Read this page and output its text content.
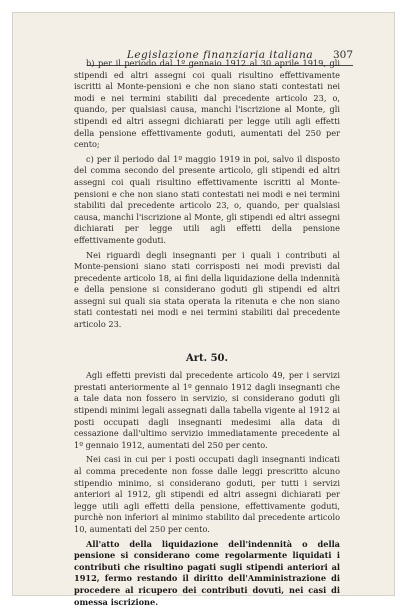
Legislazione finanziaria italiana	307

b) per il periodo dal 1º gennaio 1912 al 30 aprile 1919, gli stipendi ed altri assegni coi quali risultino effettivamente iscritti al Monte-pensioni e che non siano stati contestati nei modi e nei termini stabiliti dal precedente articolo 23, o, quando, per qualsiasi causa, manchi l'iscrizione al Monte, gli stipendi ed altri assegni dichiarati per legge utili agli effetti della pensione effettivamente goduti, aumentati del 250 per cento;

c) per il periodo dal 1º maggio 1919 in poi, salvo il disposto del comma secondo del presente articolo, gli stipendi ed altri assegni coi quali risultino effettivamente iscritti al Monte-pensioni e che non siano stati contestati nei modi e nei termini stabiliti dal precedente articolo 23, o, quando, per qualsiasi causa, manchi l'iscrizione al Monte, gli stipendi ed altri assegni dichiarati per legge utili agli effetti della pensione effettivamente goduti.

Nei riguardi degli insegnanti per i quali i contributi al Monte-pensioni siano stati corrisposti nei modi previsti dal precedente articolo 18, ai fini della liquidazione della indennità e della pensione si considerano goduti gli stipendi ed altri assegni sui quali sia stata operata la ritenuta e che non siano stati contestati nei modi e nei termini stabiliti dal precedente articolo 23.

Art. 50.

Agli effetti previsti dal precedente articolo 49, per i servizi prestati anteriormente al 1º gennaio 1912 dagli insegnanti che a tale data non fossero in servizio, si considerano goduti gli stipendi minimi legali assegnati dalla tabella vigente al 1912 ai posti occupati dagli insegnanti medesimi alla data di cessazione dall'ultimo servizio immediatamente precedente al 1º gennaio 1912, aumentati del 250 per cento.

Nei casi in cui per i posti occupati dagli insegnanti indicati al comma precedente non fosse dalle leggi prescritto alcuno stipendio minimo, si considerano goduti, per tutti i servizi anteriori al 1912, gli stipendi ed altri assegni dichiarati per legge utili agli effetti della pensione, effettivamente goduti, purchè non inferiori al minimo stabilito dal precedente articolo 10, aumentati del 250 per cento.

All'atto della liquidazione dell'indennità o della pensione si considerano come regolarmente liquidati i contributi che risultino pagati sugli stipendi anteriori al 1912, fermo restando il diritto dell'Amministrazione di procedere al ricupero dei contributi dovuti, nei casi di omessa iscrizione.
